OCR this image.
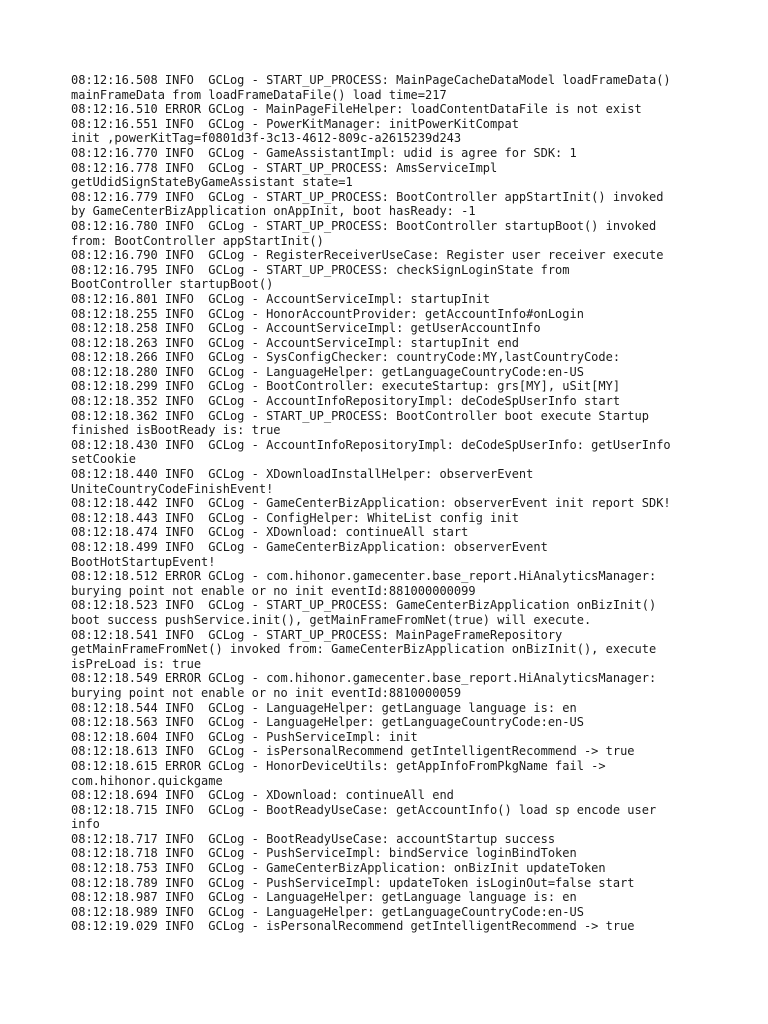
08:12:16.508 INFO  GCLog - START_UP_PROCESS: MainPageCacheDataModel loadFrameData()
mainFrameData from loadFrameDataFile() load time=217
08:12:16.510 ERROR GCLog - MainPageFileHelper: loadContentDataFile is not exist
08:12:16.551 INFO  GCLog - PowerKitManager: initPowerKitCompat
init ,powerKitTag=f0801d3f-3c13-4612-809c-a2615239d243
08:12:16.770 INFO  GCLog - GameAssistantImpl: udid is agree for SDK: 1
08:12:16.778 INFO  GCLog - START_UP_PROCESS: AmsServiceImpl
getUdidSignStateByGameAssistant state=1
08:12:16.779 INFO  GCLog - START_UP_PROCESS: BootController appStartInit() invoked
by GameCenterBizApplication onAppInit, boot hasReady: -1
08:12:16.780 INFO  GCLog - START_UP_PROCESS: BootController startupBoot() invoked
from: BootController appStartInit()
08:12:16.790 INFO  GCLog - RegisterReceiverUseCase: Register user receiver execute
08:12:16.795 INFO  GCLog - START_UP_PROCESS: checkSignLoginState from
BootController startupBoot()
08:12:16.801 INFO  GCLog - AccountServiceImpl: startupInit
08:12:18.255 INFO  GCLog - HonorAccountProvider: getAccountInfo#onLogin
08:12:18.258 INFO  GCLog - AccountServiceImpl: getUserAccountInfo
08:12:18.263 INFO  GCLog - AccountServiceImpl: startupInit end
08:12:18.266 INFO  GCLog - SysConfigChecker: countryCode:MY,lastCountryCode:
08:12:18.280 INFO  GCLog - LanguageHelper: getLanguageCountryCode:en-US
08:12:18.299 INFO  GCLog - BootController: executeStartup: grs[MY], uSit[MY]
08:12:18.352 INFO  GCLog - AccountInfoRepositoryImpl: deCodeSpUserInfo start
08:12:18.362 INFO  GCLog - START_UP_PROCESS: BootController boot execute Startup
finished isBootReady is: true
08:12:18.430 INFO  GCLog - AccountInfoRepositoryImpl: deCodeSpUserInfo: getUserInfo
setCookie
08:12:18.440 INFO  GCLog - XDownloadInstallHelper: observerEvent
UniteCountryCodeFinishEvent!
08:12:18.442 INFO  GCLog - GameCenterBizApplication: observerEvent init report SDK!
08:12:18.443 INFO  GCLog - ConfigHelper: WhiteList config init
08:12:18.474 INFO  GCLog - XDownload: continueAll start
08:12:18.499 INFO  GCLog - GameCenterBizApplication: observerEvent
BootHotStartupEvent!
08:12:18.512 ERROR GCLog - com.hihonor.gamecenter.base_report.HiAnalyticsManager:
burying point not enable or no init eventId:881000000099
08:12:18.523 INFO  GCLog - START_UP_PROCESS: GameCenterBizApplication onBizInit()
boot success pushService.init(), getMainFrameFromNet(true) will execute.
08:12:18.541 INFO  GCLog - START_UP_PROCESS: MainPageFrameRepository
getMainFrameFromNet() invoked from: GameCenterBizApplication onBizInit(), execute
isPreLoad is: true
08:12:18.549 ERROR GCLog - com.hihonor.gamecenter.base_report.HiAnalyticsManager:
burying point not enable or no init eventId:8810000059
08:12:18.544 INFO  GCLog - LanguageHelper: getLanguage language is: en
08:12:18.563 INFO  GCLog - LanguageHelper: getLanguageCountryCode:en-US
08:12:18.604 INFO  GCLog - PushServiceImpl: init
08:12:18.613 INFO  GCLog - isPersonalRecommend getIntelligentRecommend -> true
08:12:18.615 ERROR GCLog - HonorDeviceUtils: getAppInfoFromPkgName fail ->
com.hihonor.quickgame
08:12:18.694 INFO  GCLog - XDownload: continueAll end
08:12:18.715 INFO  GCLog - BootReadyUseCase: getAccountInfo() load sp encode user
info
08:12:18.717 INFO  GCLog - BootReadyUseCase: accountStartup success
08:12:18.718 INFO  GCLog - PushServiceImpl: bindService loginBindToken
08:12:18.753 INFO  GCLog - GameCenterBizApplication: onBizInit updateToken
08:12:18.789 INFO  GCLog - PushServiceImpl: updateToken isLoginOut=false start
08:12:18.987 INFO  GCLog - LanguageHelper: getLanguage language is: en
08:12:18.989 INFO  GCLog - LanguageHelper: getLanguageCountryCode:en-US
08:12:19.029 INFO  GCLog - isPersonalRecommend getIntelligentRecommend -> true
